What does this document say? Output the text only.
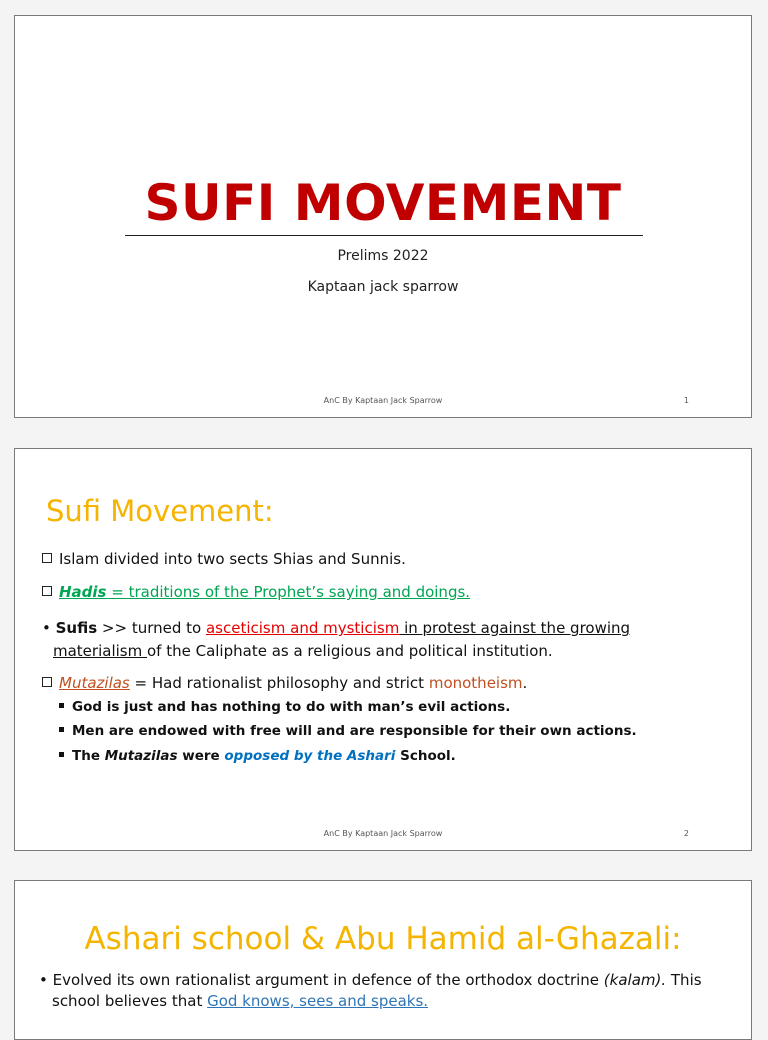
SUFI MOVEMENT
Prelims 2022
Kaptaan jack sparrow
AnC By Kaptaan Jack Sparrow	1
Sufi Movement:
Islam divided into two sects Shias and Sunnis.
Hadis = traditions of the Prophet’s saying and doings.
• Sufis >> turned to asceticism and mysticism in protest against the growing
materialism of the Caliphate as a religious and political institution.
Mutazilas = Had rationalist philosophy and strict monotheism.
God is just and has nothing to do with man’s evil actions.
Men are endowed with free will and are responsible for their own actions.
The Mutazilas were opposed by the Ashari School.
AnC By Kaptaan Jack Sparrow	2
Ashari school & Abu Hamid al-Ghazali:
• Evolved its own rationalist argument in defence of the orthodox doctrine (kalam). This
school believes that God knows, sees and speaks.
